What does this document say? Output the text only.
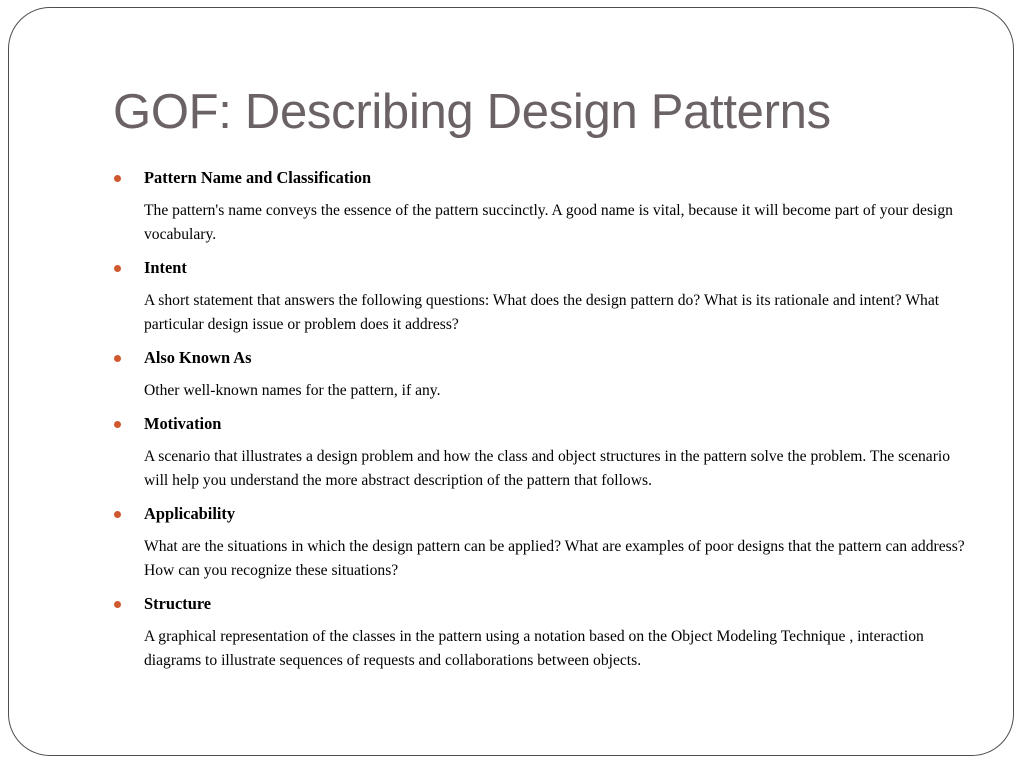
GOF: Describing Design Patterns
Pattern Name and Classification

The pattern's name conveys the essence of the pattern succinctly. A good name is vital, because it will become part of your design vocabulary.

Intent

A short statement that answers the following questions: What does the design pattern do? What is its rationale and intent? What particular design issue or problem does it address?

Also Known As

Other well-known names for the pattern, if any.

Motivation

A scenario that illustrates a design problem and how the class and object structures in the pattern solve the problem. The scenario will help you understand the more abstract description of the pattern that follows.

Applicability

What are the situations in which the design pattern can be applied? What are examples of poor designs that the pattern can address? How can you recognize these situations?

Structure

A graphical representation of the classes in the pattern using a notation based on the Object Modeling Technique , interaction diagrams to illustrate sequences of requests and collaborations between objects.
